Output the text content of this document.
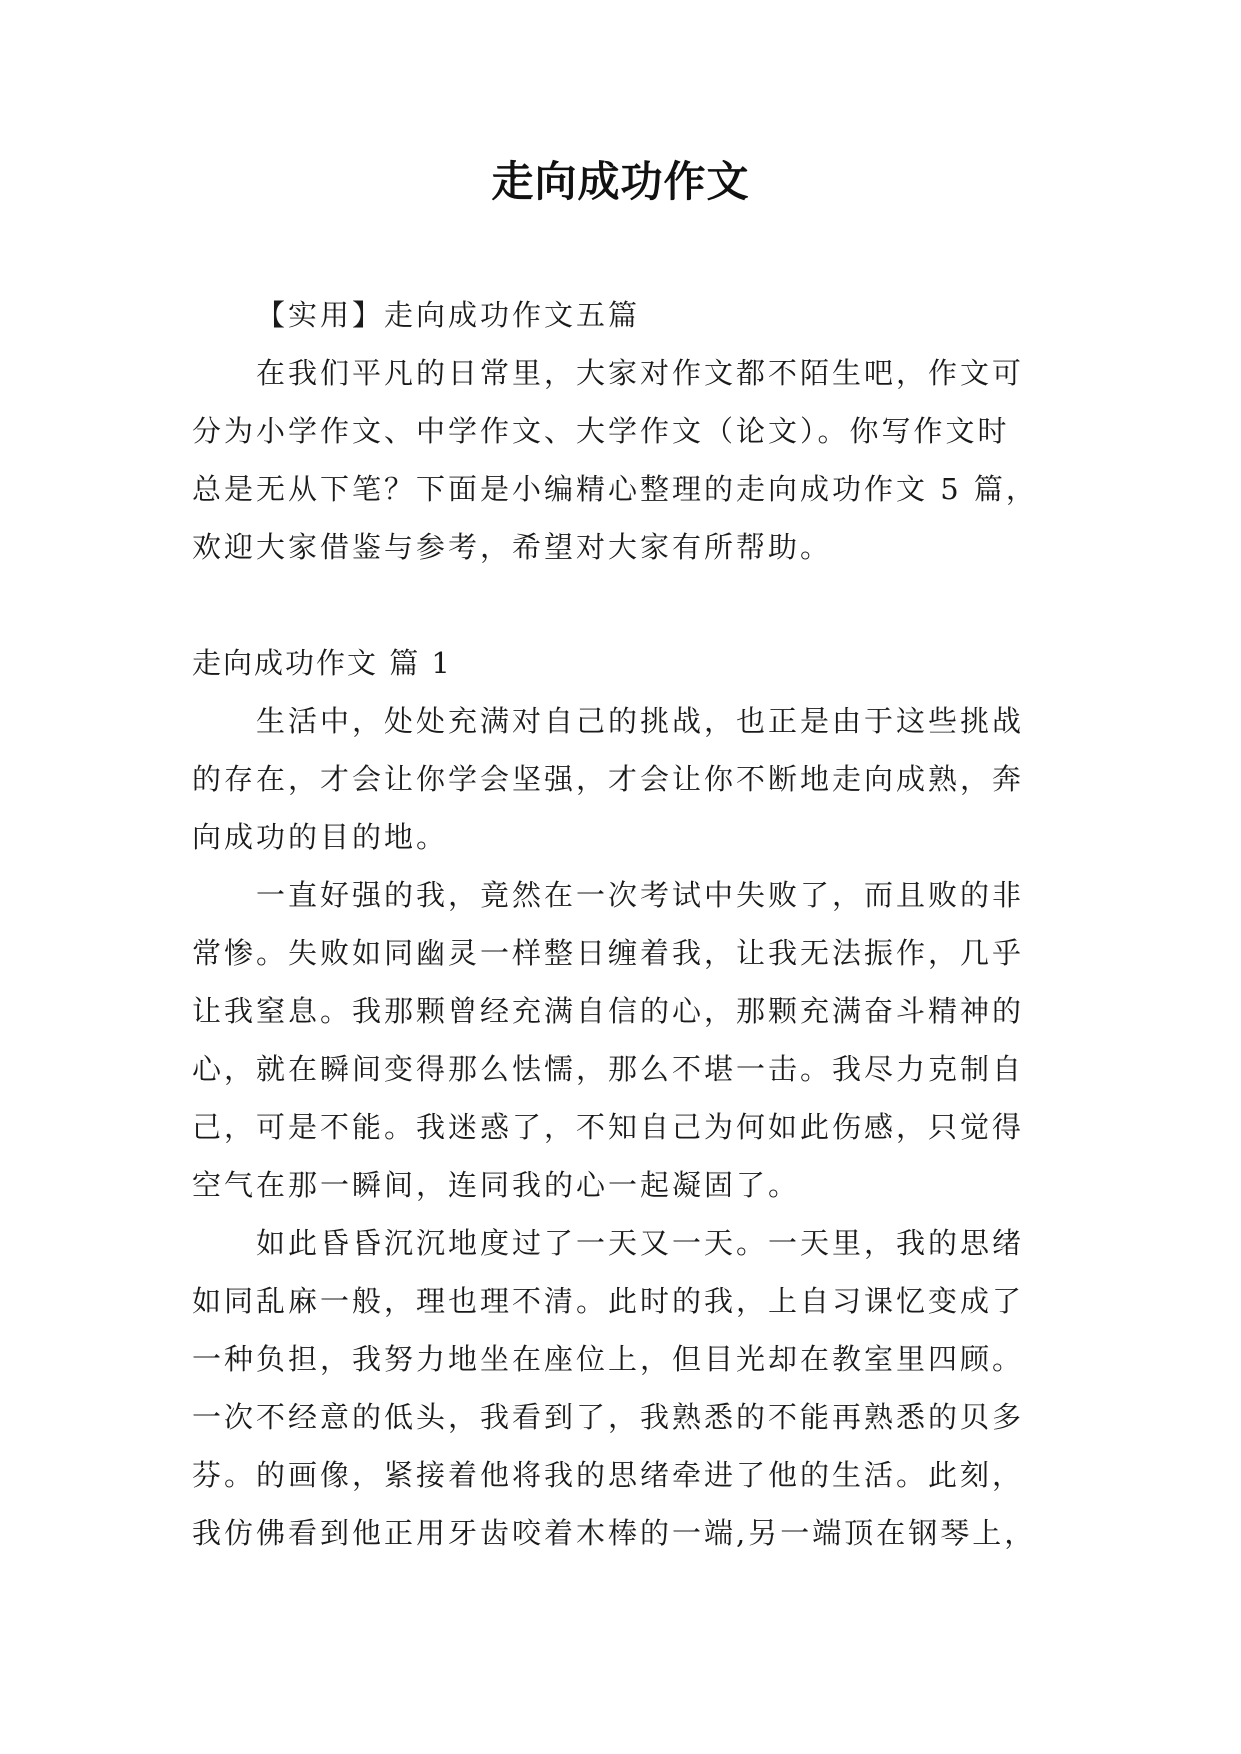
走向成功作文
【实用】走向成功作文五篇
在我们平凡的日常里，大家对作文都不陌生吧，作文可
分为小学作文、中学作文、大学作文（论文）。你写作文时
总是无从下笔？下面是小编精心整理的走向成功作文 5 篇，
欢迎大家借鉴与参考，希望对大家有所帮助。
走向成功作文 篇 1
生活中，处处充满对自己的挑战，也正是由于这些挑战
的存在，才会让你学会坚强，才会让你不断地走向成熟，奔
向成功的目的地。
一直好强的我，竟然在一次考试中失败了，而且败的非
常惨。失败如同幽灵一样整日缠着我，让我无法振作，几乎
让我窒息。我那颗曾经充满自信的心，那颗充满奋斗精神的
心，就在瞬间变得那么怯懦，那么不堪一击。我尽力克制自
己，可是不能。我迷惑了，不知自己为何如此伤感，只觉得
空气在那一瞬间，连同我的心一起凝固了。
如此昏昏沉沉地度过了一天又一天。一天里，我的思绪
如同乱麻一般，理也理不清。此时的我，上自习课忆变成了
一种负担，我努力地坐在座位上，但目光却在教室里四顾。
一次不经意的低头，我看到了，我熟悉的不能再熟悉的贝多
芬。的画像，紧接着他将我的思绪牵进了他的生活。此刻，
我仿佛看到他正用牙齿咬着木棒的一端,另一端顶在钢琴上，
